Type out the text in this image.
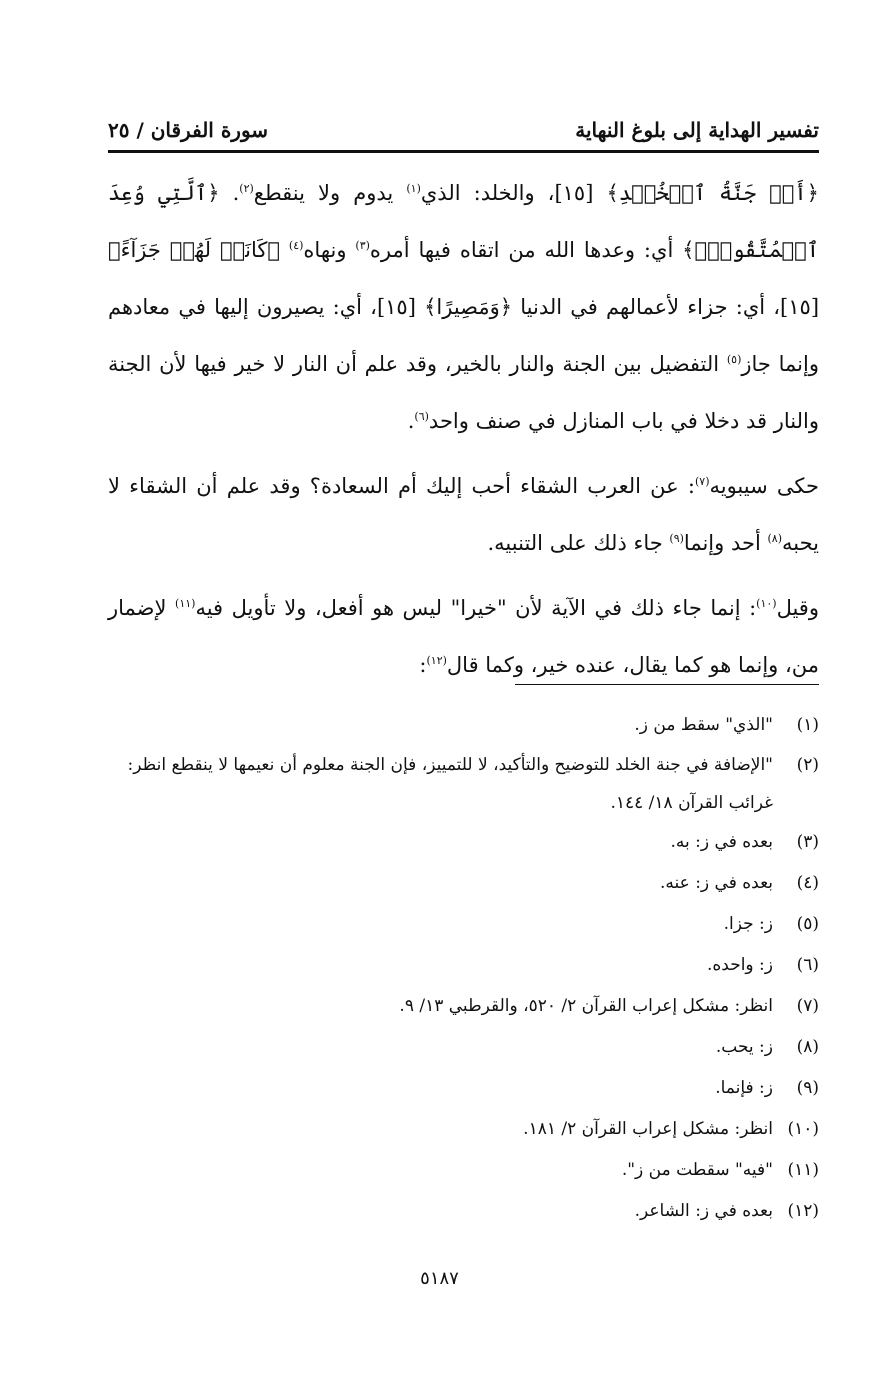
تفسير الهداية إلى بلوغ النهاية
سورة الفرقان / ٢٥

﴿أَمۡ جَنَّةُ ٱلۡخُلۡدِ﴾ [١٥]، والخلد: الذي$^{(١)}$ يدوم ولا ينقطع$^{(٢)}$. ﴿ٱلَّتِي وُعِدَ ٱلۡمُتَّقُونَۚ﴾ أي: وعدها الله من اتقاه فيها أمره$^{(٣)}$ ونهاه$^{(٤)}$ ﴿كَانَتۡ لَهُمۡ جَزَآءً﴾ [١٥]، أي: جزاء لأعمالهم في الدنيا ﴿وَمَصِيرًا﴾ [١٥]، أي: يصيرون إليها في معادهم وإنما جاز$^{(٥)}$ التفضيل بين الجنة والنار بالخير، وقد علم أن النار لا خير فيها لأن الجنة والنار قد دخلا في باب المنازل في صنف واحد$^{(٦)}$.

حكى سيبويه$^{(٧)}$: عن العرب الشقاء أحب إليك أم السعادة؟ وقد علم أن الشقاء لا يحبه$^{(٨)}$ أحد وإنما$^{(٩)}$ جاء ذلك على التنبيه.

وقيل$^{(١٠)}$: إنما جاء ذلك في الآية لأن "خيرا" ليس هو أفعل، ولا تأويل فيه$^{(١١)}$ لإضمار من، وإنما هو كما يقال، عنده خير، وكما قال$^{(١٢)}$:

(١)
"الذي" سقط من ز.
(٢)
"الإضافة في جنة الخلد للتوضيح والتأكيد، لا للتمييز، فإن الجنة معلوم أن نعيمها لا ينقطع انظر: غرائب القرآن ١٨/ ١٤٤.
(٣)
بعده في ز: به.
(٤)
بعده في ز: عنه.
(٥)
ز: جزا.
(٦)
ز: واحده.
(٧)
انظر: مشكل إعراب القرآن ٢/ ٥٢٠، والقرطبي ١٣/ ٩.
(٨)
ز: يحب.
(٩)
ز: فإنما.
(١٠)
انظر: مشكل إعراب القرآن ٢/ ١٨١.
(١١)
"فيه" سقطت من ز".
(١٢)
بعده في ز: الشاعر.
٥١٨٧
